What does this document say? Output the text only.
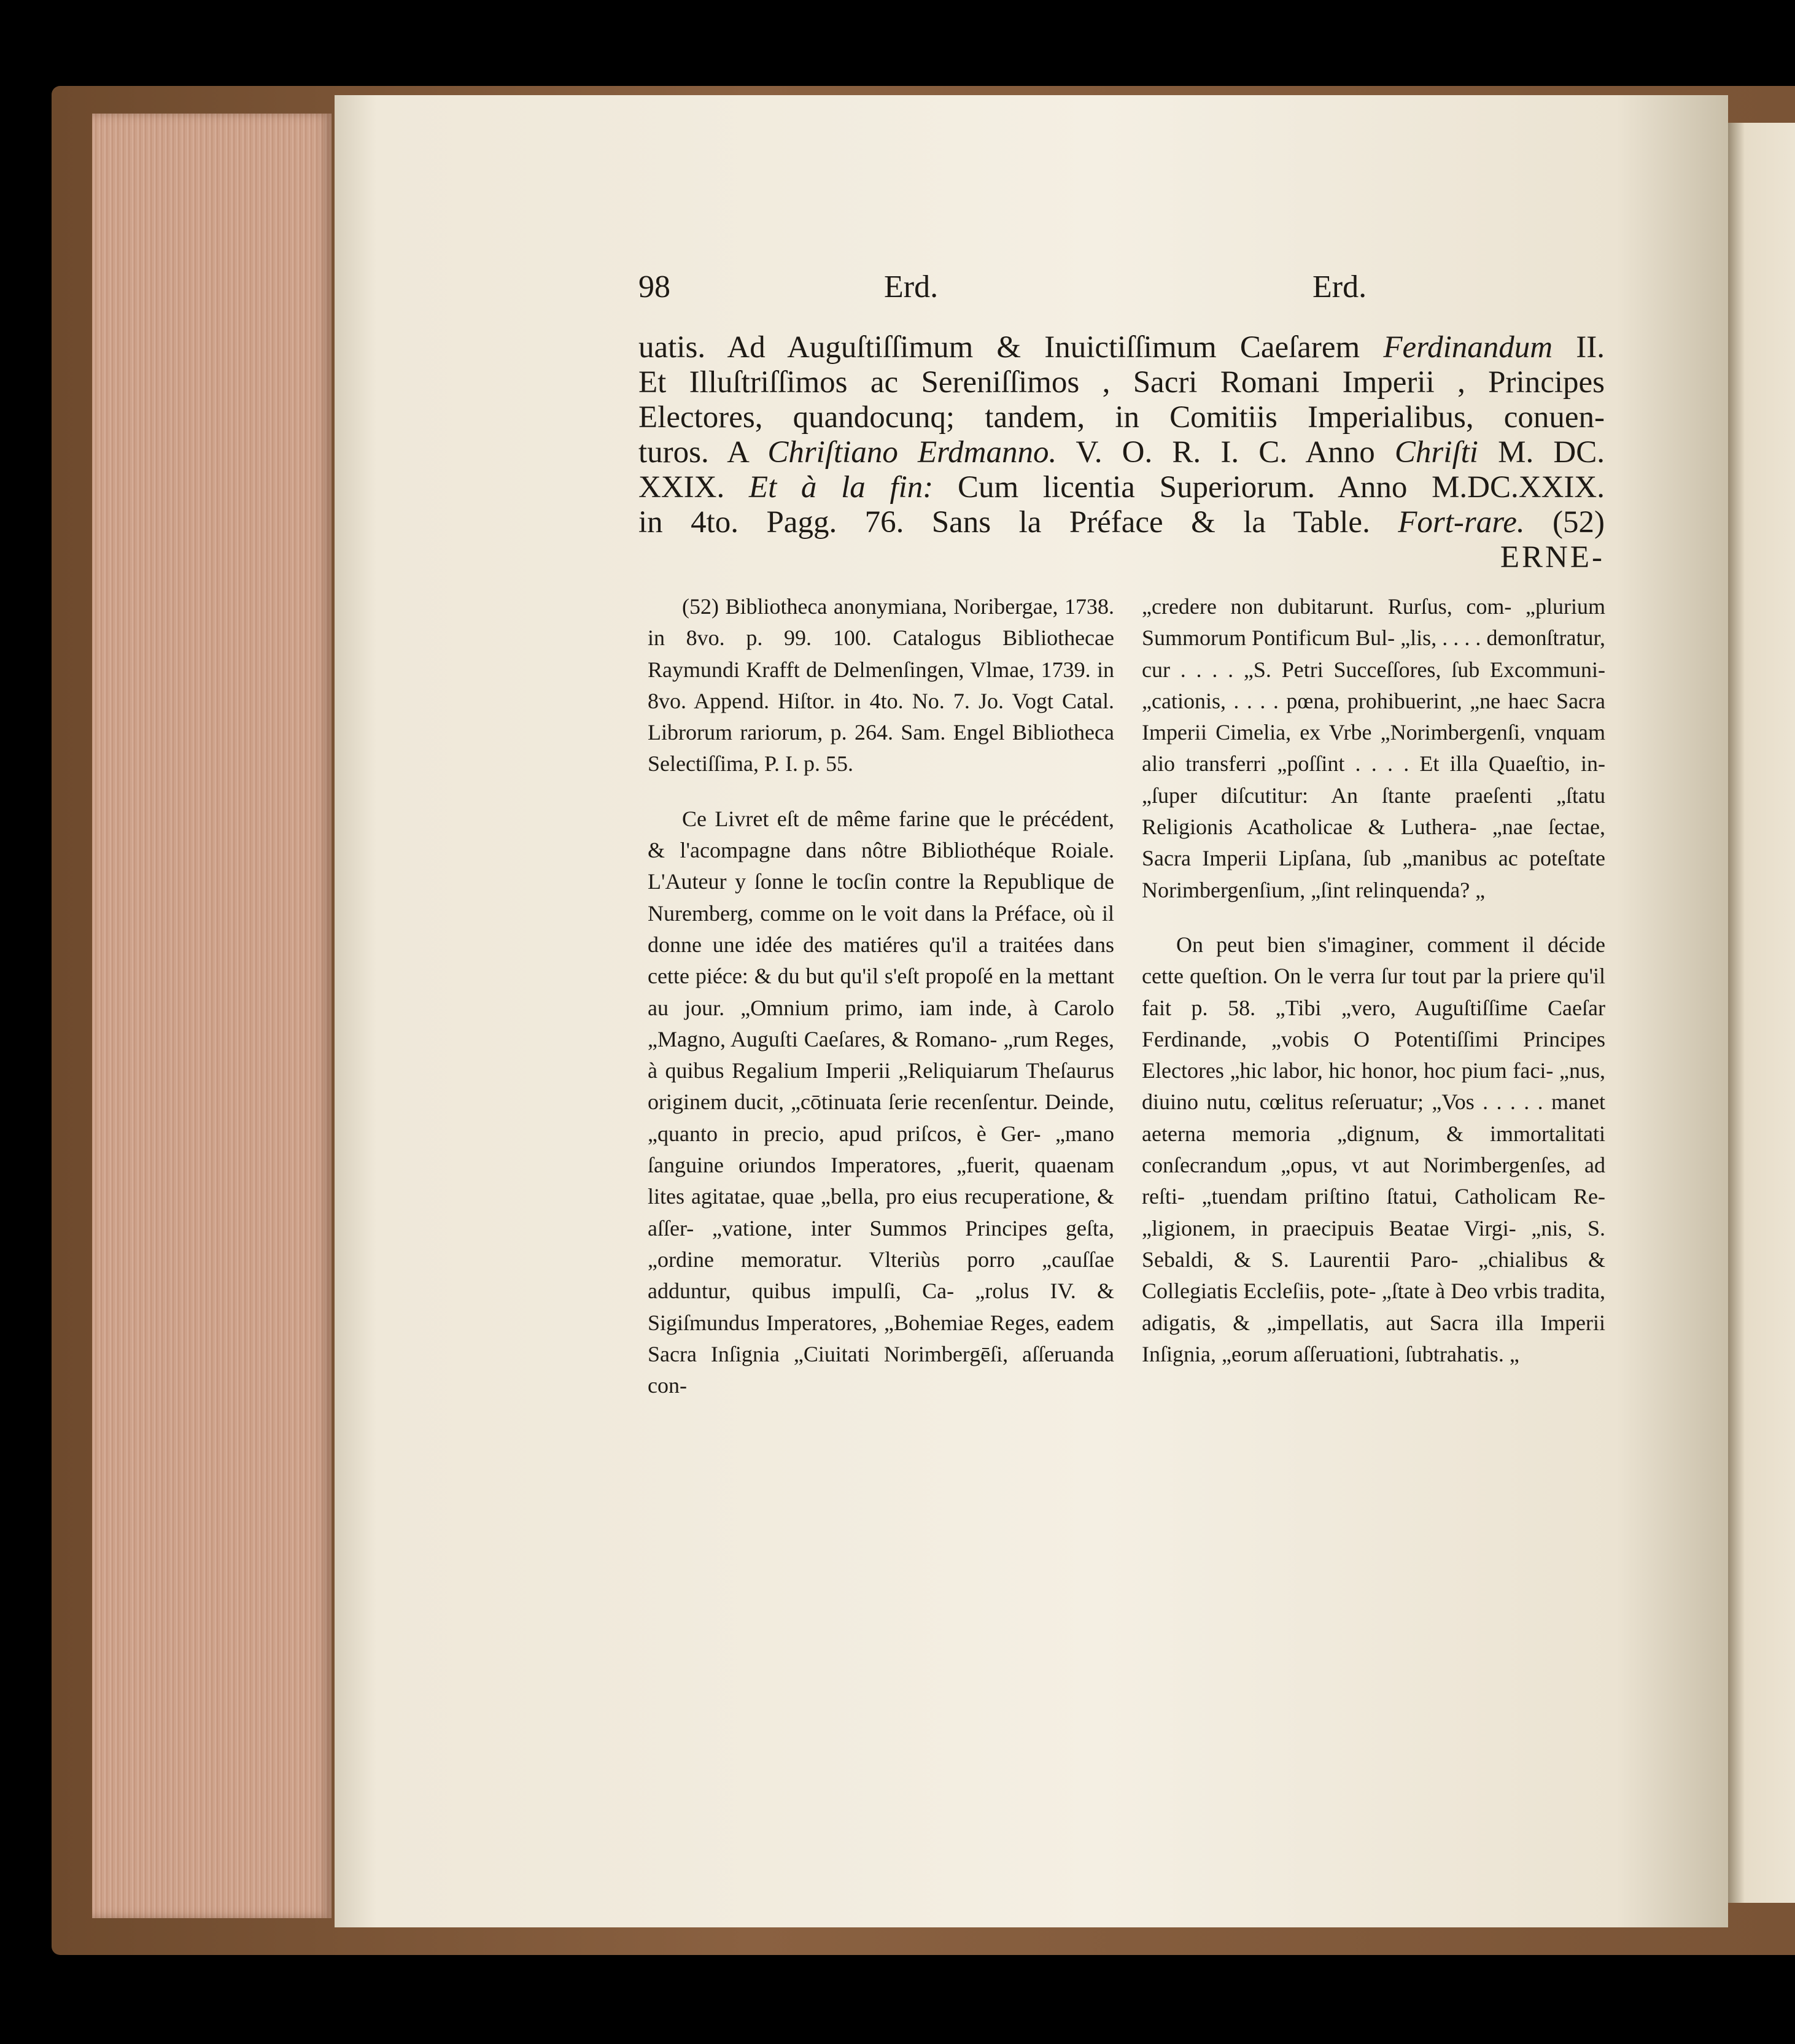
98	Erd.	Erd.
uatis. Ad Auguſtiſſimum & Inuictiſſimum Caeſarem Ferdinandum II.
Et Illuſtriſſimos ac Sereniſſimos , Sacri Romani Imperii , Principes
Electores, quandocunq; tandem, in Comitiis Imperialibus, conuen-
turos. A Chriſtiano Erdmanno. V. O. R. I. C. Anno Chriſti M. DC.
XXIX. Et à la fin: Cum licentia Superiorum. Anno M.DC.XXIX.
in 4to. Pagg. 76. Sans la Préface & la Table. Fort-rare. (52)
ERNE-

(52) Bibliotheca anonymiana, Noribergae, 1738. in 8vo. p. 99. 100. Catalogus Bibliothecae Raymundi Krafft de Delmenſingen, Vlmae, 1739. in 8vo. Append. Hiſtor. in 4to. No. 7. Jo. Vogt Catal. Librorum rariorum, p. 264. Sam. Engel Bibliotheca Selectiſſima, P. I. p. 55.

Ce Livret eſt de même farine que le précédent, & l'acompagne dans nôtre Bibliothéque Roiale. L'Auteur y ſonne le tocſin contre la Republique de Nuremberg, comme on le voit dans la Préface, où il donne une idée des matiéres qu'il a traitées dans cette piéce: & du but qu'il s'eſt propoſé en la mettant au jour. „Omnium primo, iam inde, à Carolo „Magno, Auguſti Caeſares, & Romano- „rum Reges, à quibus Regalium Imperii „Reliquiarum Theſaurus originem ducit, „cōtinuata ſerie recenſentur. Deinde, „quanto in precio, apud priſcos, è Ger- „mano ſanguine oriundos Imperatores, „fuerit, quaenam lites agitatae, quae „bella, pro eius recuperatione, & aſſer- „vatione, inter Summos Principes geſta, „ordine memoratur. Vlteriùs porro „cauſſae adduntur, quibus impulſi, Ca- „rolus IV. & Sigiſmundus Imperatores, „Bohemiae Reges, eadem Sacra Inſignia „Ciuitati Norimbergēſi, aſſeruanda con-

„credere non dubitarunt. Rurſus, com- „plurium Summorum Pontificum Bul- „lis, . . . . demonſtratur, cur . . . . „S. Petri Succeſſores, ſub Excommuni- „cationis, . . . . pœna, prohibuerint, „ne haec Sacra Imperii Cimelia, ex Vrbe „Norimbergenſi, vnquam alio transferri „poſſint . . . . Et illa Quaeſtio, in- „ſuper diſcutitur: An ſtante praeſenti „ſtatu Religionis Acatholicae & Luthera- „nae ſectae, Sacra Imperii Lipſana, ſub „manibus ac poteſtate Norimbergenſium, „ſint relinquenda? „

On peut bien s'imaginer, comment il décide cette queſtion. On le verra ſur tout par la priere qu'il fait p. 58. „Tibi „vero, Auguſtiſſime Caeſar Ferdinande, „vobis O Potentiſſimi Principes Electores „hic labor, hic honor, hoc pium faci- „nus, diuino nutu, cœlitus reſeruatur; „Vos . . . . . manet aeterna memoria „dignum, & immortalitati conſecrandum „opus, vt aut Norimbergenſes, ad reſti- „tuendam priſtino ſtatui, Catholicam Re- „ligionem, in praecipuis Beatae Virgi- „nis, S. Sebaldi, & S. Laurentii Paro- „chialibus & Collegiatis Eccleſiis, pote- „ſtate à Deo vrbis tradita, adigatis, & „impellatis, aut Sacra illa Imperii Inſignia, „eorum aſſeruationi, ſubtrahatis. „
